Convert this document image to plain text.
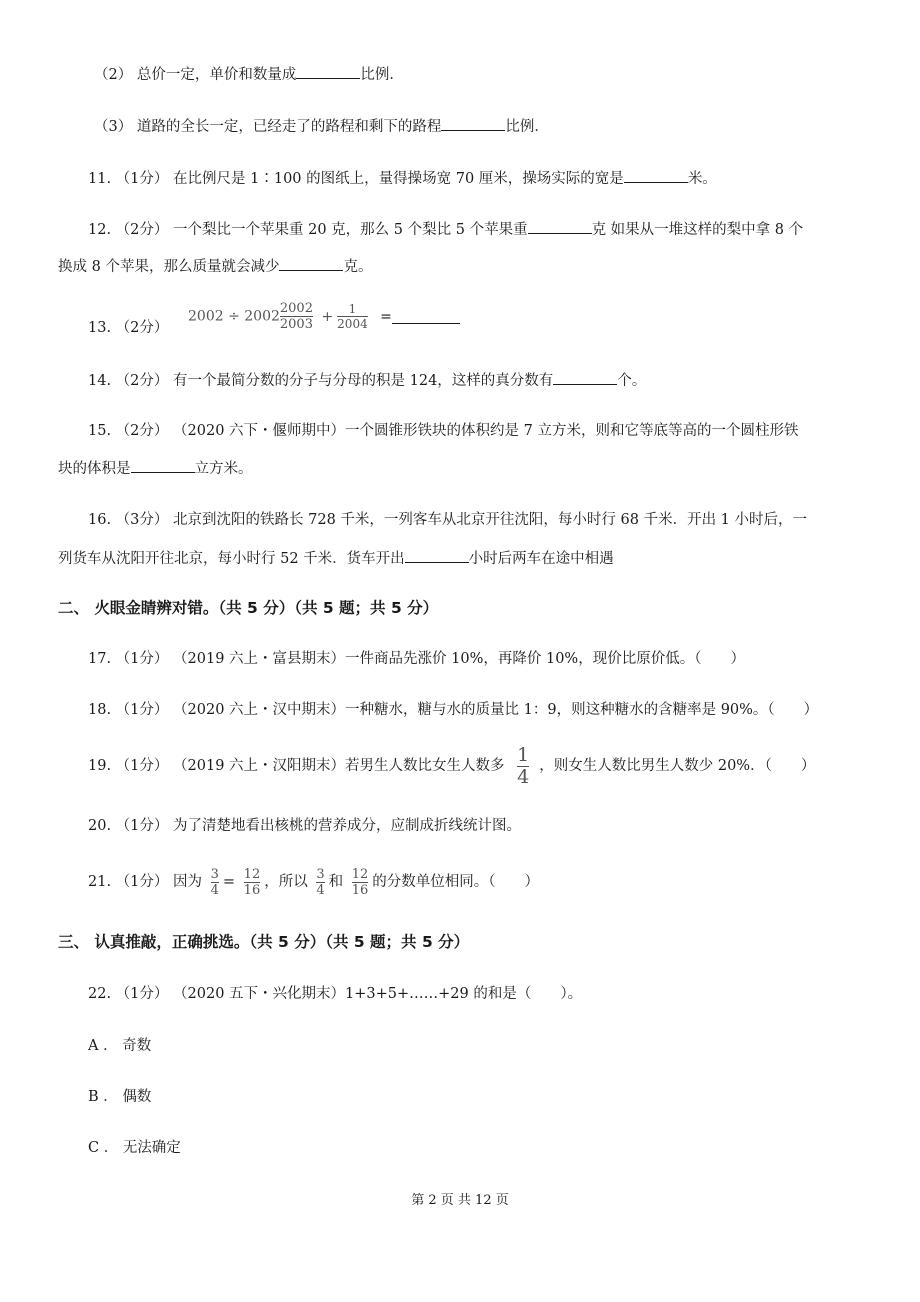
（2） 总价一定，单价和数量成	比例．
（3） 道路的全长一定，已经走了的路程和剩下的路程	比例．
11. （1分） 在比例尺是 1∶100 的图纸上，量得操场宽 70 厘米，操场实际的宽是	米。
12. （2分） 一个梨比一个苹果重 20 克，那么 5 个梨比 5 个苹果重	克 如果从一堆这样的梨中拿 8 个
换成 8 个苹果，那么质量就会减少	克。
13. （2分）
$2002 \div 2002 \frac{2002}{2003} + \frac{1}{2004}$ =
14. （2分） 有一个最简分数的分子与分母的积是 124，这样的真分数有	个。
15. （2分） （2020 六下・偃师期中）一个圆锥形铁块的体积约是 7 立方米，则和它等底等高的一个圆柱形铁
块的体积是	立方米。
16. （3分） 北京到沈阳的铁路长 728 千米，一列客车从北京开往沈阳，每小时行 68 千米．开出 1 小时后，一
列货车从沈阳开往北京，每小时行 52 千米．货车开出	小时后两车在途中相遇
二、 火眼金睛辨对错。（共 5 分）（共 5 题；共 5 分）
17. （1分） （2019 六上・富县期末）一件商品先涨价 10%，再降价 10%，现价比原价低。（　　）
18. （1分） （2020 六上・汉中期末）一种糖水，糖与水的质量比 1：9，则这种糖水的含糖率是 90%。（　　）
19. （1分） （2019 六上・汉阳期末）若男生人数比女生人数多 $\frac{1}{4}$ ，则女生人数比男生人数少 20%．（　　）
20. （1分） 为了清楚地看出核桃的营养成分，应制成折线统计图。
21. （1分） 因为 $\frac{3}{4} = \frac{12}{16}$ ，所以 $\frac{3}{4}$ 和 $\frac{12}{16}$ 的分数单位相同。（　　）
三、 认真推敲，正确挑选。（共 5 分）（共 5 题；共 5 分）
22. （1分） （2020 五下・兴化期末）1+3+5+……+29 的和是（　　）。
A ． 奇数
B ． 偶数
C ． 无法确定
第 2 页 共 12 页
